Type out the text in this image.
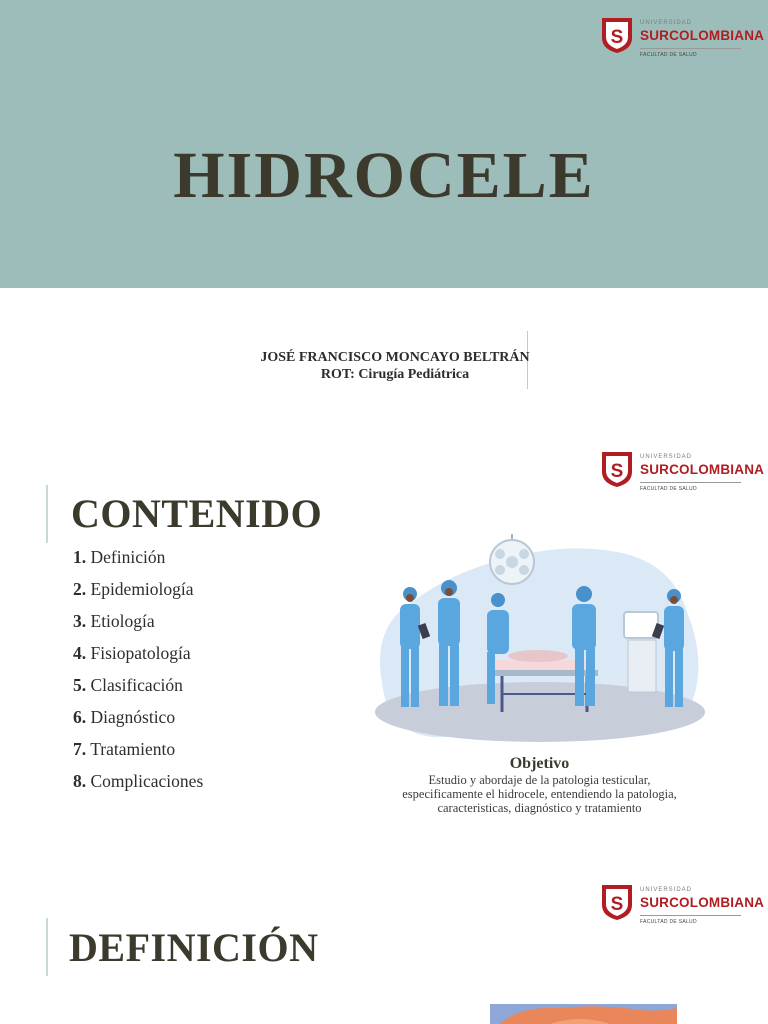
S
UNIVERSIDAD
SURCOLOMBIANA
FACULTAD DE SALUD
HIDROCELE
JOSÉ FRANCISCO MONCAYO BELTRÁN
ROT: Cirugía Pediátrica
S
UNIVERSIDAD
SURCOLOMBIANA
FACULTAD DE SALUD
CONTENIDO
1. Definición
2. Epidemiología
3. Etiología
4. Fisiopatología
5. Clasificación
6. Diagnóstico
7. Tratamiento
8. Complicaciones
Objetivo
Estudio y abordaje de la patologia testicular,
especificamente el hidrocele, entendiendo la patologia,
caracteristicas, diagnóstico y tratamiento
S
UNIVERSIDAD
SURCOLOMBIANA
FACULTAD DE SALUD
DEFINICIÓN
